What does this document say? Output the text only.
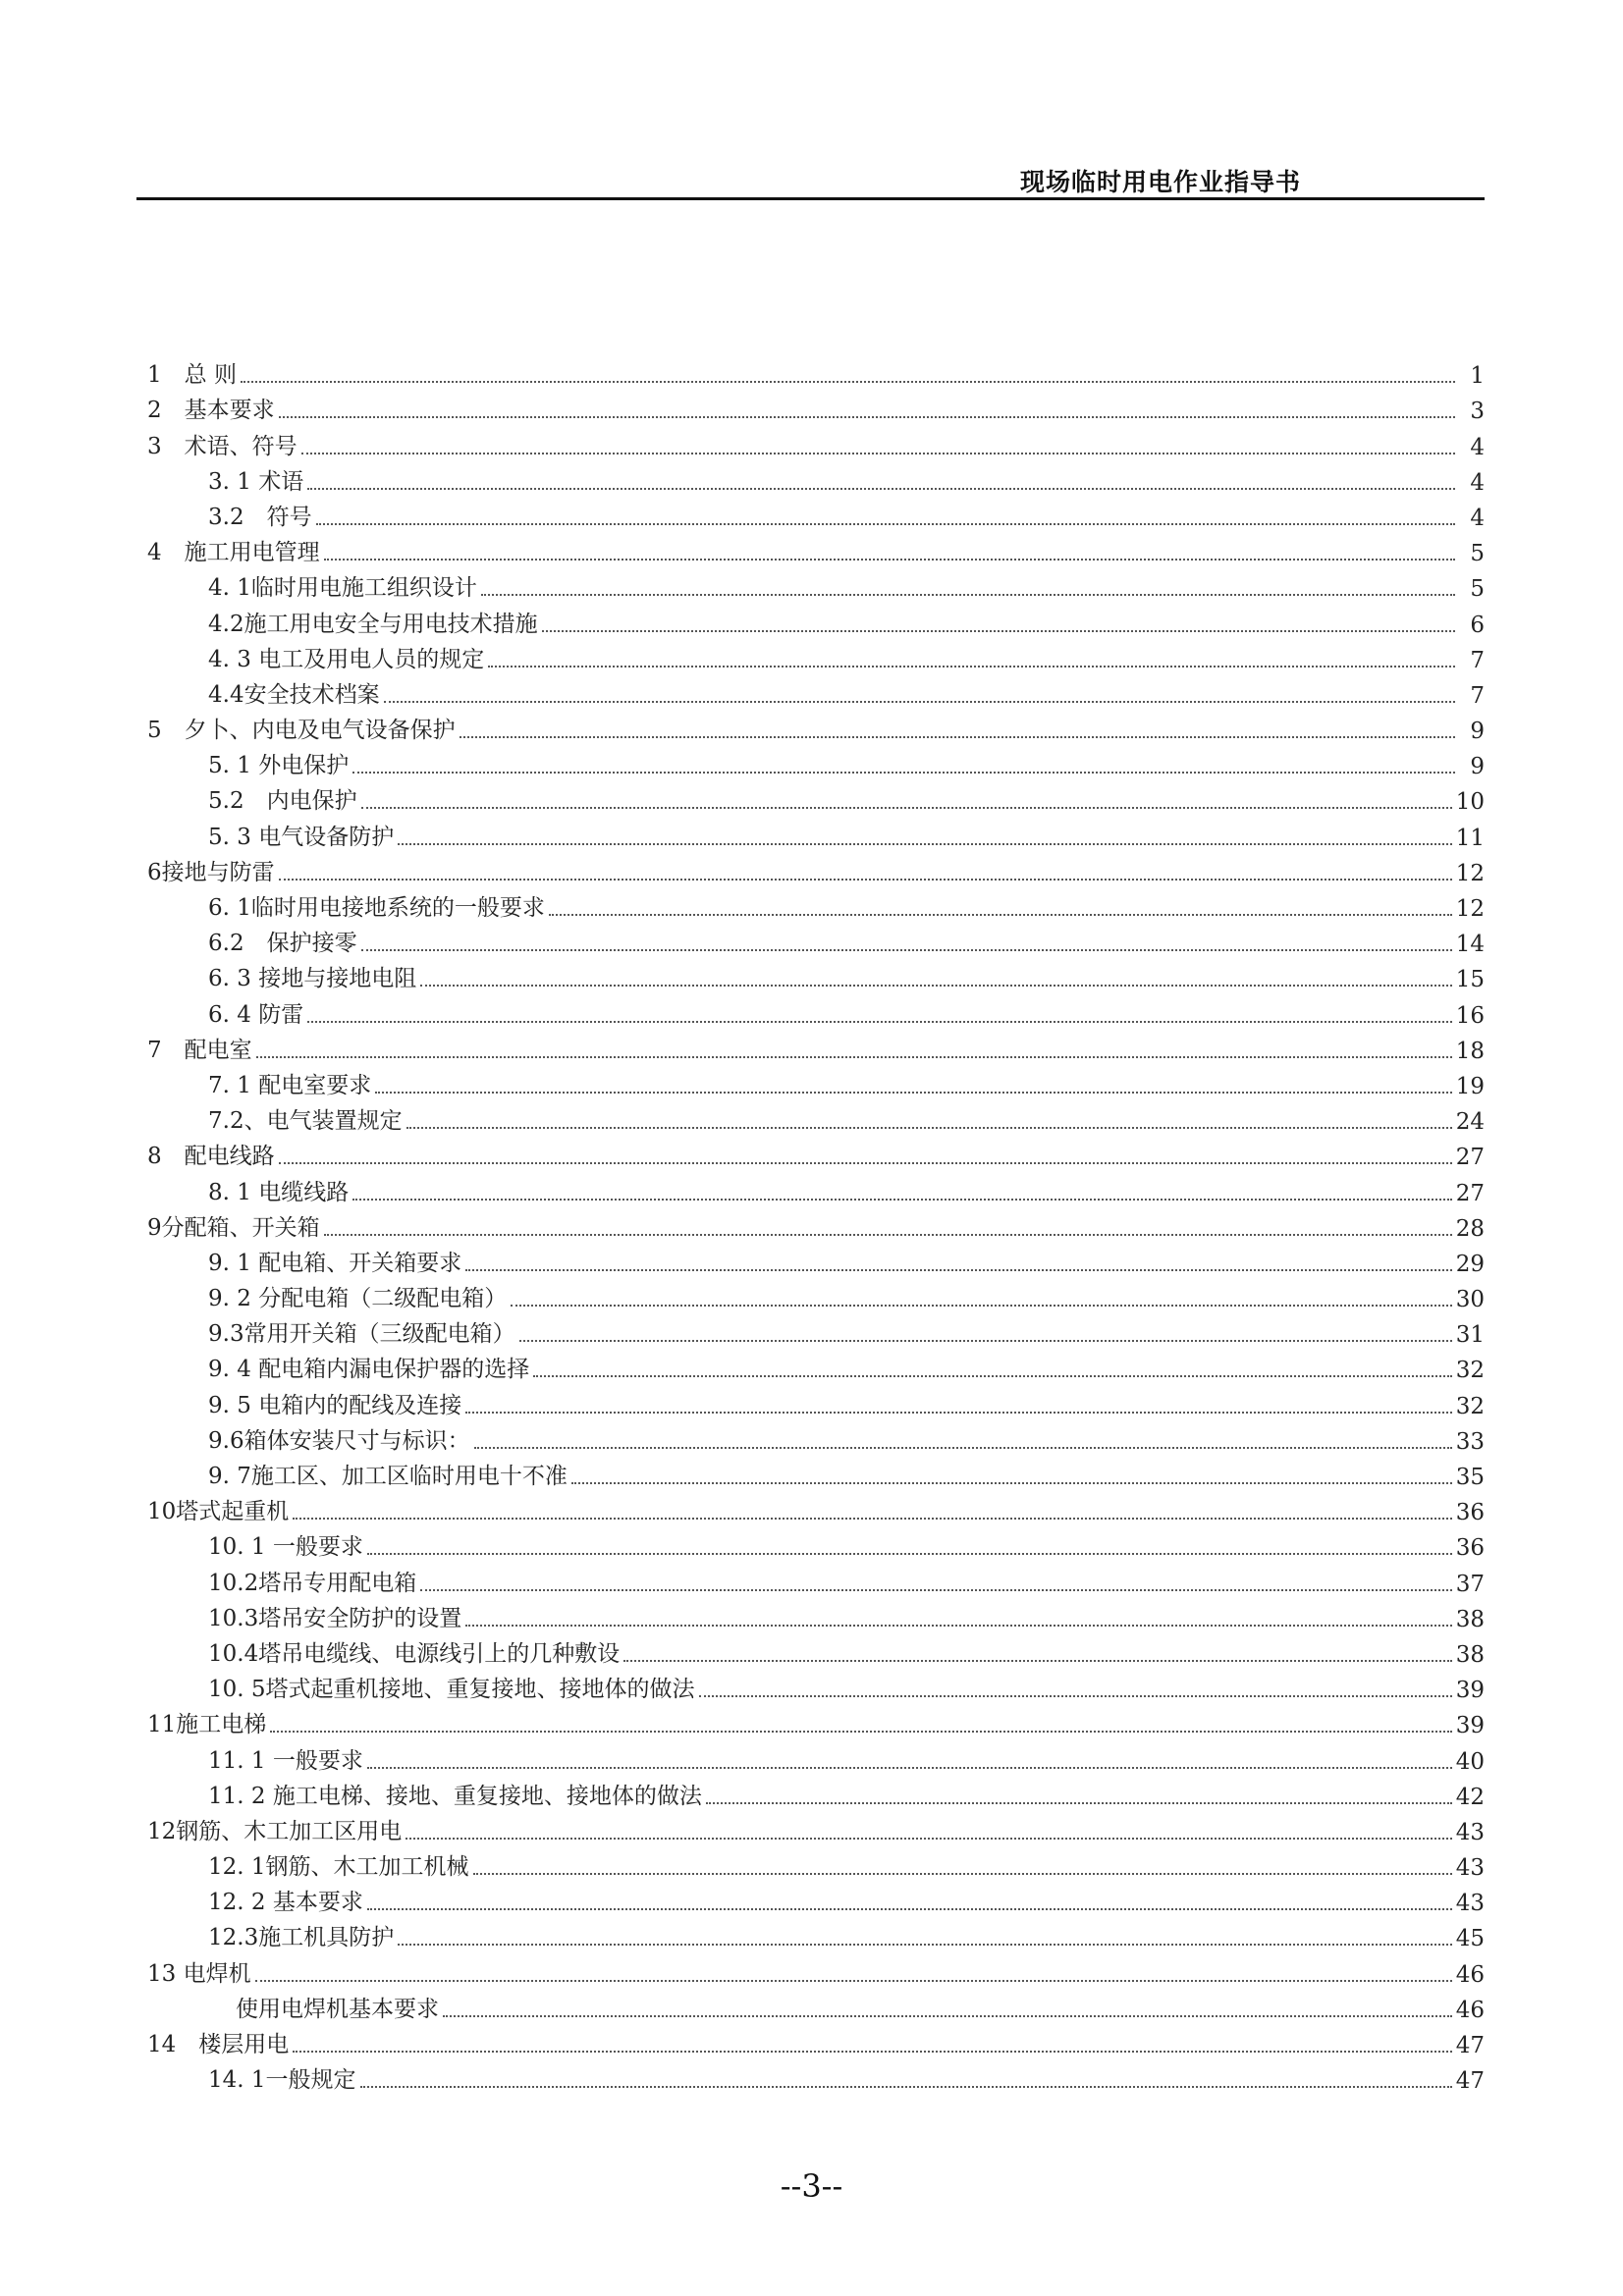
现场临时用电作业指导书
1　总 则	1
2　基本要求	3
3　术语、符号	4
3. 1 术语	4
3.2　符号	4
4　施工用电管理	5
4. 1临时用电施工组织设计	5
4.2施工用电安全与用电技术措施	6
4. 3 电工及用电人员的规定	7
4.4安全技术档案	7
5　夕卜、内电及电气设备保护	9
5. 1 外电保护	9
5.2　内电保护	10
5. 3 电气设备防护	11
6接地与防雷	12
6. 1临时用电接地系统的一般要求	12
6.2　保护接零	14
6. 3 接地与接地电阻	15
6. 4 防雷	16
7　配电室	18
7. 1 配电室要求	19
7.2、电气装置规定	24
8　配电线路	27
8. 1 电缆线路	27
9分配箱、开关箱	28
9. 1 配电箱、开关箱要求	29
9. 2 分配电箱（二级配电箱）	30
9.3常用开关箱（三级配电箱）	31
9. 4 配电箱内漏电保护器的选择	32
9. 5 电箱内的配线及连接	32
9.6箱体安装尺寸与标识：	33
9. 7施工区、加工区临时用电十不准	35
10塔式起重机	36
10. 1 一般要求	36
10.2塔吊专用配电箱	37
10.3塔吊安全防护的设置	38
10.4塔吊电缆线、电源线引上的几种敷设	38
10. 5塔式起重机接地、重复接地、接地体的做法	39
11施工电梯	39
11. 1 一般要求	40
11. 2 施工电梯、接地、重复接地、接地体的做法	42
12钢筋、木工加工区用电	43
12. 1钢筋、木工加工机械	43
12. 2 基本要求	43
12.3施工机具防护	45
13 电焊机	46
使用电焊机基本要求	46
14　楼层用电	47
14. 1一般规定	47
--3--
